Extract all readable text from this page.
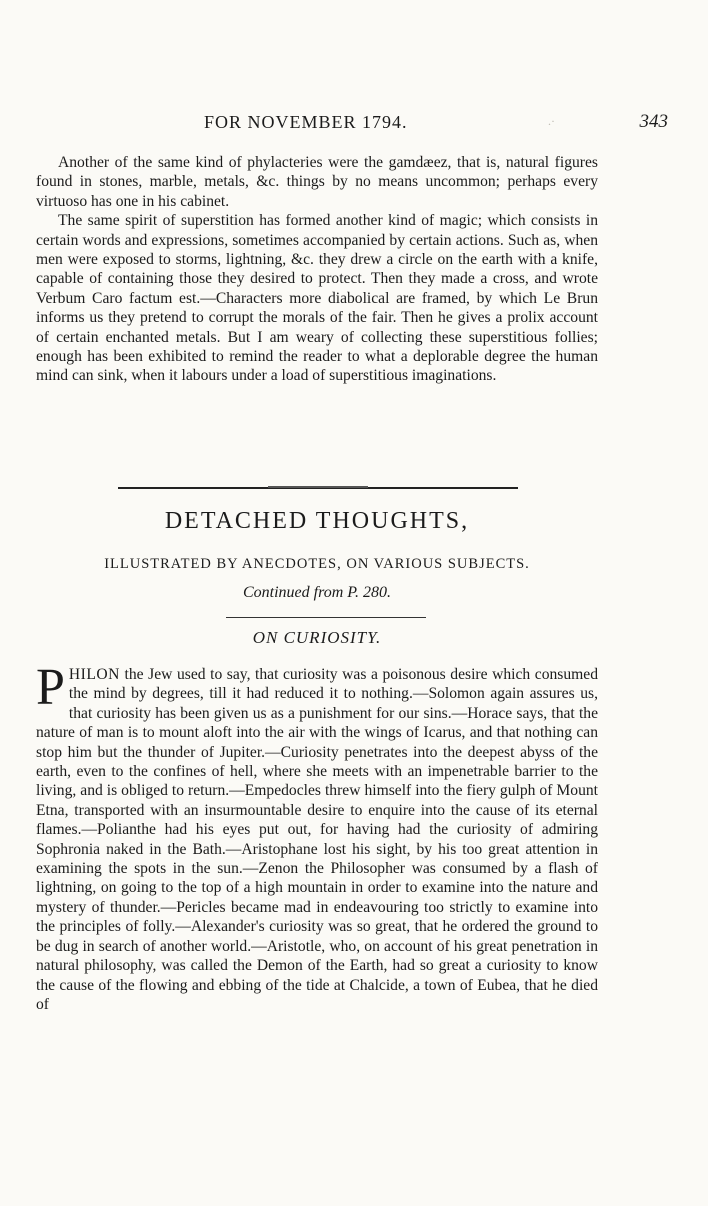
FOR NOVEMBER 1794.	.·	343

Another of the same kind of phylacteries were the gamdæez, that is, natural figures found in stones, marble, metals, &c. things by no means uncommon; perhaps every virtuoso has one in his cabinet.

The same spirit of superstition has formed another kind of magic; which consists in certain words and expressions, sometimes accompanied by certain actions. Such as, when men were exposed to storms, lightning, &c. they drew a circle on the earth with a knife, capable of containing those they desired to protect. Then they made a cross, and wrote Verbum Caro factum est.—Characters more diabolical are framed, by which Le Brun informs us they pretend to corrupt the morals of the fair. Then he gives a prolix account of certain enchanted metals. But I am weary of collecting these superstitious follies; enough has been exhibited to remind the reader to what a deplorable degree the human mind can sink, when it labours under a load of superstitious imaginations.

DETACHED THOUGHTS,
ILLUSTRATED BY ANECDOTES, ON VARIOUS SUBJECTS.
Continued from P. 280.
ON CURIOSITY.

PHILON the Jew used to say, that curiosity was a poisonous desire which consumed the mind by degrees, till it had reduced it to nothing.—Solomon again assures us, that curiosity has been given us as a punishment for our sins.—Horace says, that the nature of man is to mount aloft into the air with the wings of Icarus, and that nothing can stop him but the thunder of Jupiter.—Curiosity penetrates into the deepest abyss of the earth, even to the confines of hell, where she meets with an impenetrable barrier to the living, and is obliged to return.—Empedocles threw himself into the fiery gulph of Mount Etna, transported with an insurmountable desire to enquire into the cause of its eternal flames.—Polianthe had his eyes put out, for having had the curiosity of admiring Sophronia naked in the Bath.—Aristophane lost his sight, by his too great attention in examining the spots in the sun.—Zenon the Philosopher was consumed by a flash of lightning, on going to the top of a high mountain in order to examine into the nature and mystery of thunder.—Pericles became mad in endeavouring too strictly to examine into the principles of folly.—Alexander's curiosity was so great, that he ordered the ground to be dug in search of another world.—Aristotle, who, on account of his great penetration in natural philosophy, was called the Demon of the Earth, had so great a curiosity to know the cause of the flowing and ebbing of the tide at Chalcide, a town of Eubea, that he died of
